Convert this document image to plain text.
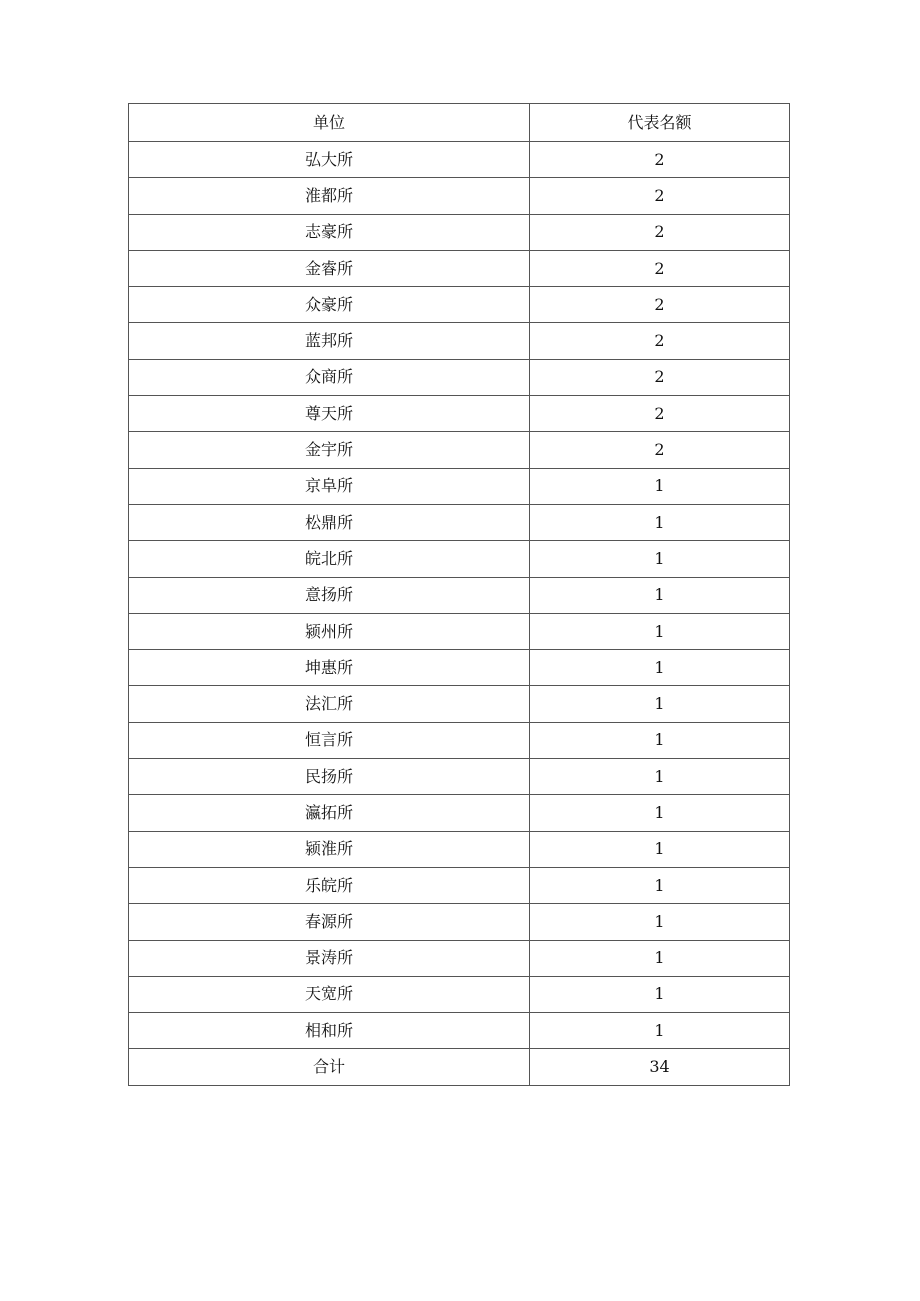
单位	代表名额
弘大所	2
淮都所	2
志豪所	2
金睿所	2
众豪所	2
蓝邦所	2
众商所	2
尊天所	2
金宇所	2
京阜所	1
松鼎所	1
皖北所	1
意扬所	1
颍州所	1
坤惠所	1
法汇所	1
恒言所	1
民扬所	1
瀛拓所	1
颍淮所	1
乐皖所	1
春源所	1
景涛所	1
天宽所	1
相和所	1
合计	34
